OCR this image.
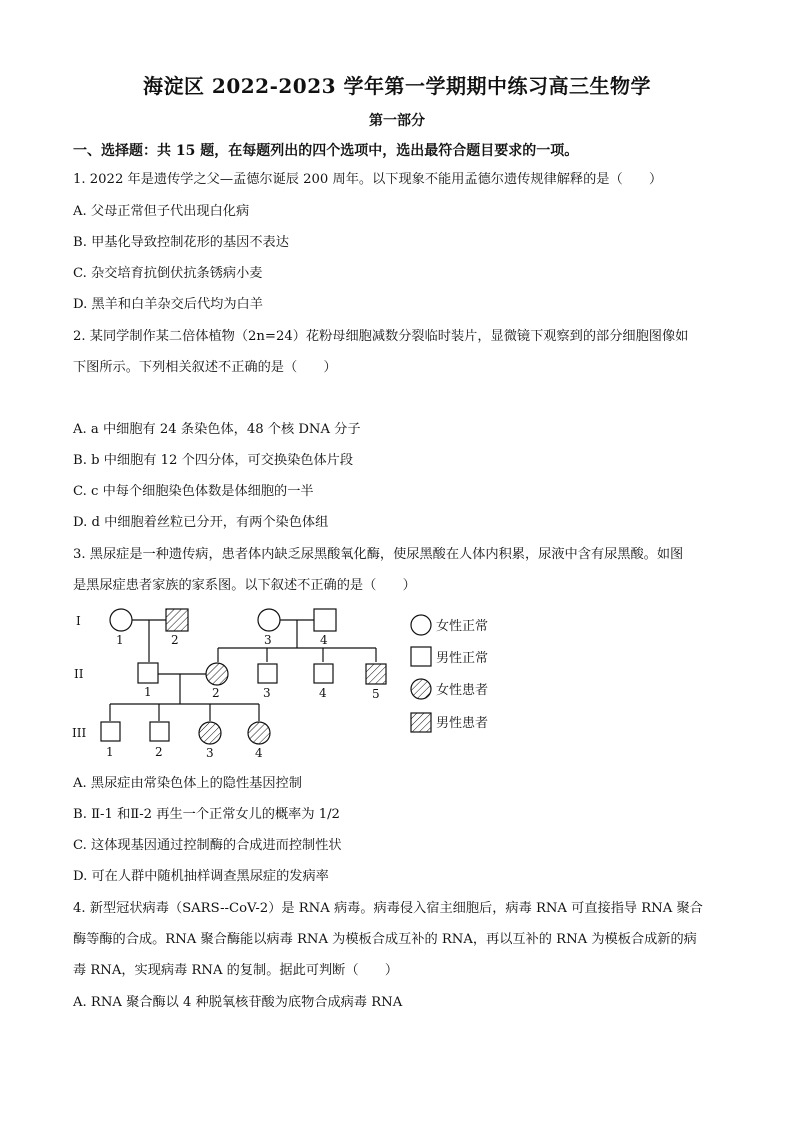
海淀区 2022-2023 学年第一学期期中练习高三生物学
第一部分
一、选择题：共 15 题，在每题列出的四个选项中，选出最符合题目要求的一项。
1. 2022 年是遗传学之父—孟德尔诞辰 200 周年。以下现象不能用孟德尔遗传规律解释的是（　　）
A. 父母正常但子代出现白化病
B. 甲基化导致控制花形的基因不表达
C. 杂交培育抗倒伏抗条锈病小麦
D. 黑羊和白羊杂交后代均为白羊
2. 某同学制作某二倍体植物（2n=24）花粉母细胞减数分裂临时装片，显微镜下观察到的部分细胞图像如
下图所示。下列相关叙述不正确的是（　　）
A. a 中细胞有 24 条染色体，48 个核 DNA 分子
B. b 中细胞有 12 个四分体，可交换染色体片段
C. c 中每个细胞染色体数是体细胞的一半
D. d 中细胞着丝粒已分开，有两个染色体组
3. 黑尿症是一种遗传病，患者体内缺乏尿黑酸氧化酶，使尿黑酸在人体内积累，尿液中含有尿黑酸。如图
是黑尿症患者家族的家系图。以下叙述不正确的是（　　）
I
II
III
1	2	3	4
1	2	3	4	5
1	2	3	4
女性正常
男性正常
女性患者
男性患者
A. 黑尿症由常染色体上的隐性基因控制
B. Ⅱ-1 和Ⅱ-2 再生一个正常女儿的概率为 1/2
C. 这体现基因通过控制酶的合成进而控制性状
D. 可在人群中随机抽样调查黑尿症的发病率
4. 新型冠状病毒（SARS--CoV-2）是 RNA 病毒。病毒侵入宿主细胞后，病毒 RNA 可直接指导 RNA 聚合
酶等酶的合成。RNA 聚合酶能以病毒 RNA 为模板合成互补的 RNA，再以互补的 RNA 为模板合成新的病
毒 RNA，实现病毒 RNA 的复制。据此可判断（　　）
A. RNA 聚合酶以 4 种脱氧核苷酸为底物合成病毒 RNA
